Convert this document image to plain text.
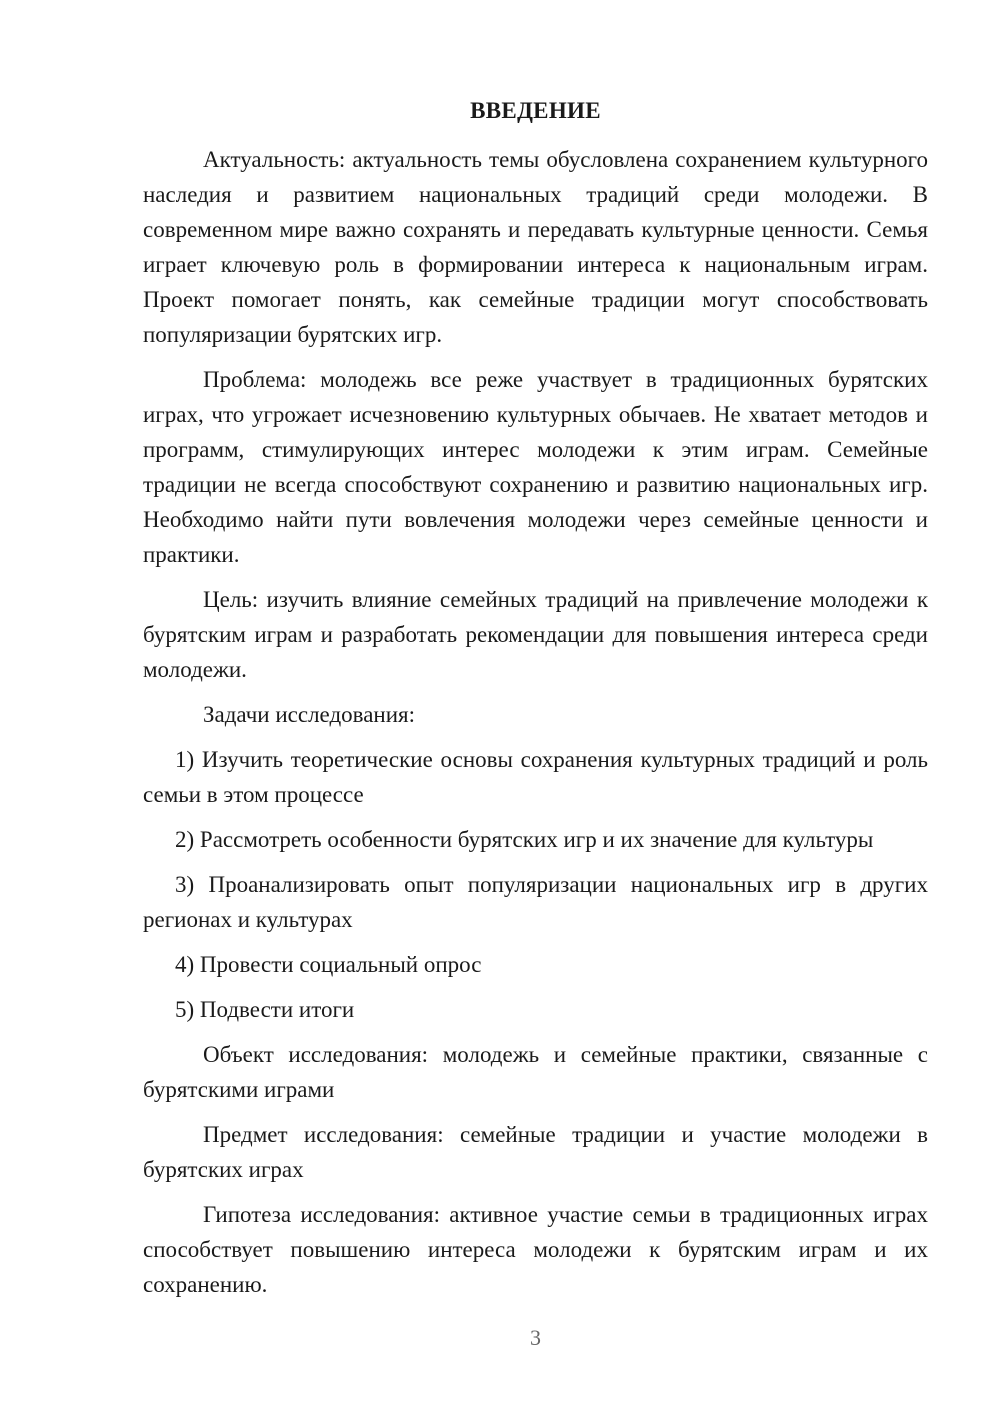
ВВЕДЕНИЕ

Актуальность: актуальность темы обусловлена сохранением культурного наследия и развитием национальных традиций среди молодежи. В современном мире важно сохранять и передавать культурные ценности. Семья играет ключевую роль в формировании интереса к национальным играм. Проект помогает понять, как семейные традиции могут способствовать популяризации бурятских игр.

Проблема: молодежь все реже участвует в традиционных бурятских играх, что угрожает исчезновению культурных обычаев. Не хватает методов и программ, стимулирующих интерес молодежи к этим играм. Семейные традиции не всегда способствуют сохранению и развитию национальных игр. Необходимо найти пути вовлечения молодежи через семейные ценности и практики.

Цель: изучить влияние семейных традиций на привлечение молодежи к бурятским играм и разработать рекомендации для повышения интереса среди молодежи.

Задачи исследования:

1) Изучить теоретические основы сохранения культурных традиций и роль семьи в этом процессе

2) Рассмотреть особенности бурятских игр и их значение для культуры

3) Проанализировать опыт популяризации национальных игр в других регионах и культурах

4) Провести социальный опрос

5) Подвести итоги

Объект исследования: молодежь и семейные практики, связанные с бурятскими играми

Предмет исследования: семейные традиции и участие молодежи в бурятских играх

Гипотеза исследования: активное участие семьи в традиционных играх способствует повышению интереса молодежи к бурятским играм и их сохранению.

3
